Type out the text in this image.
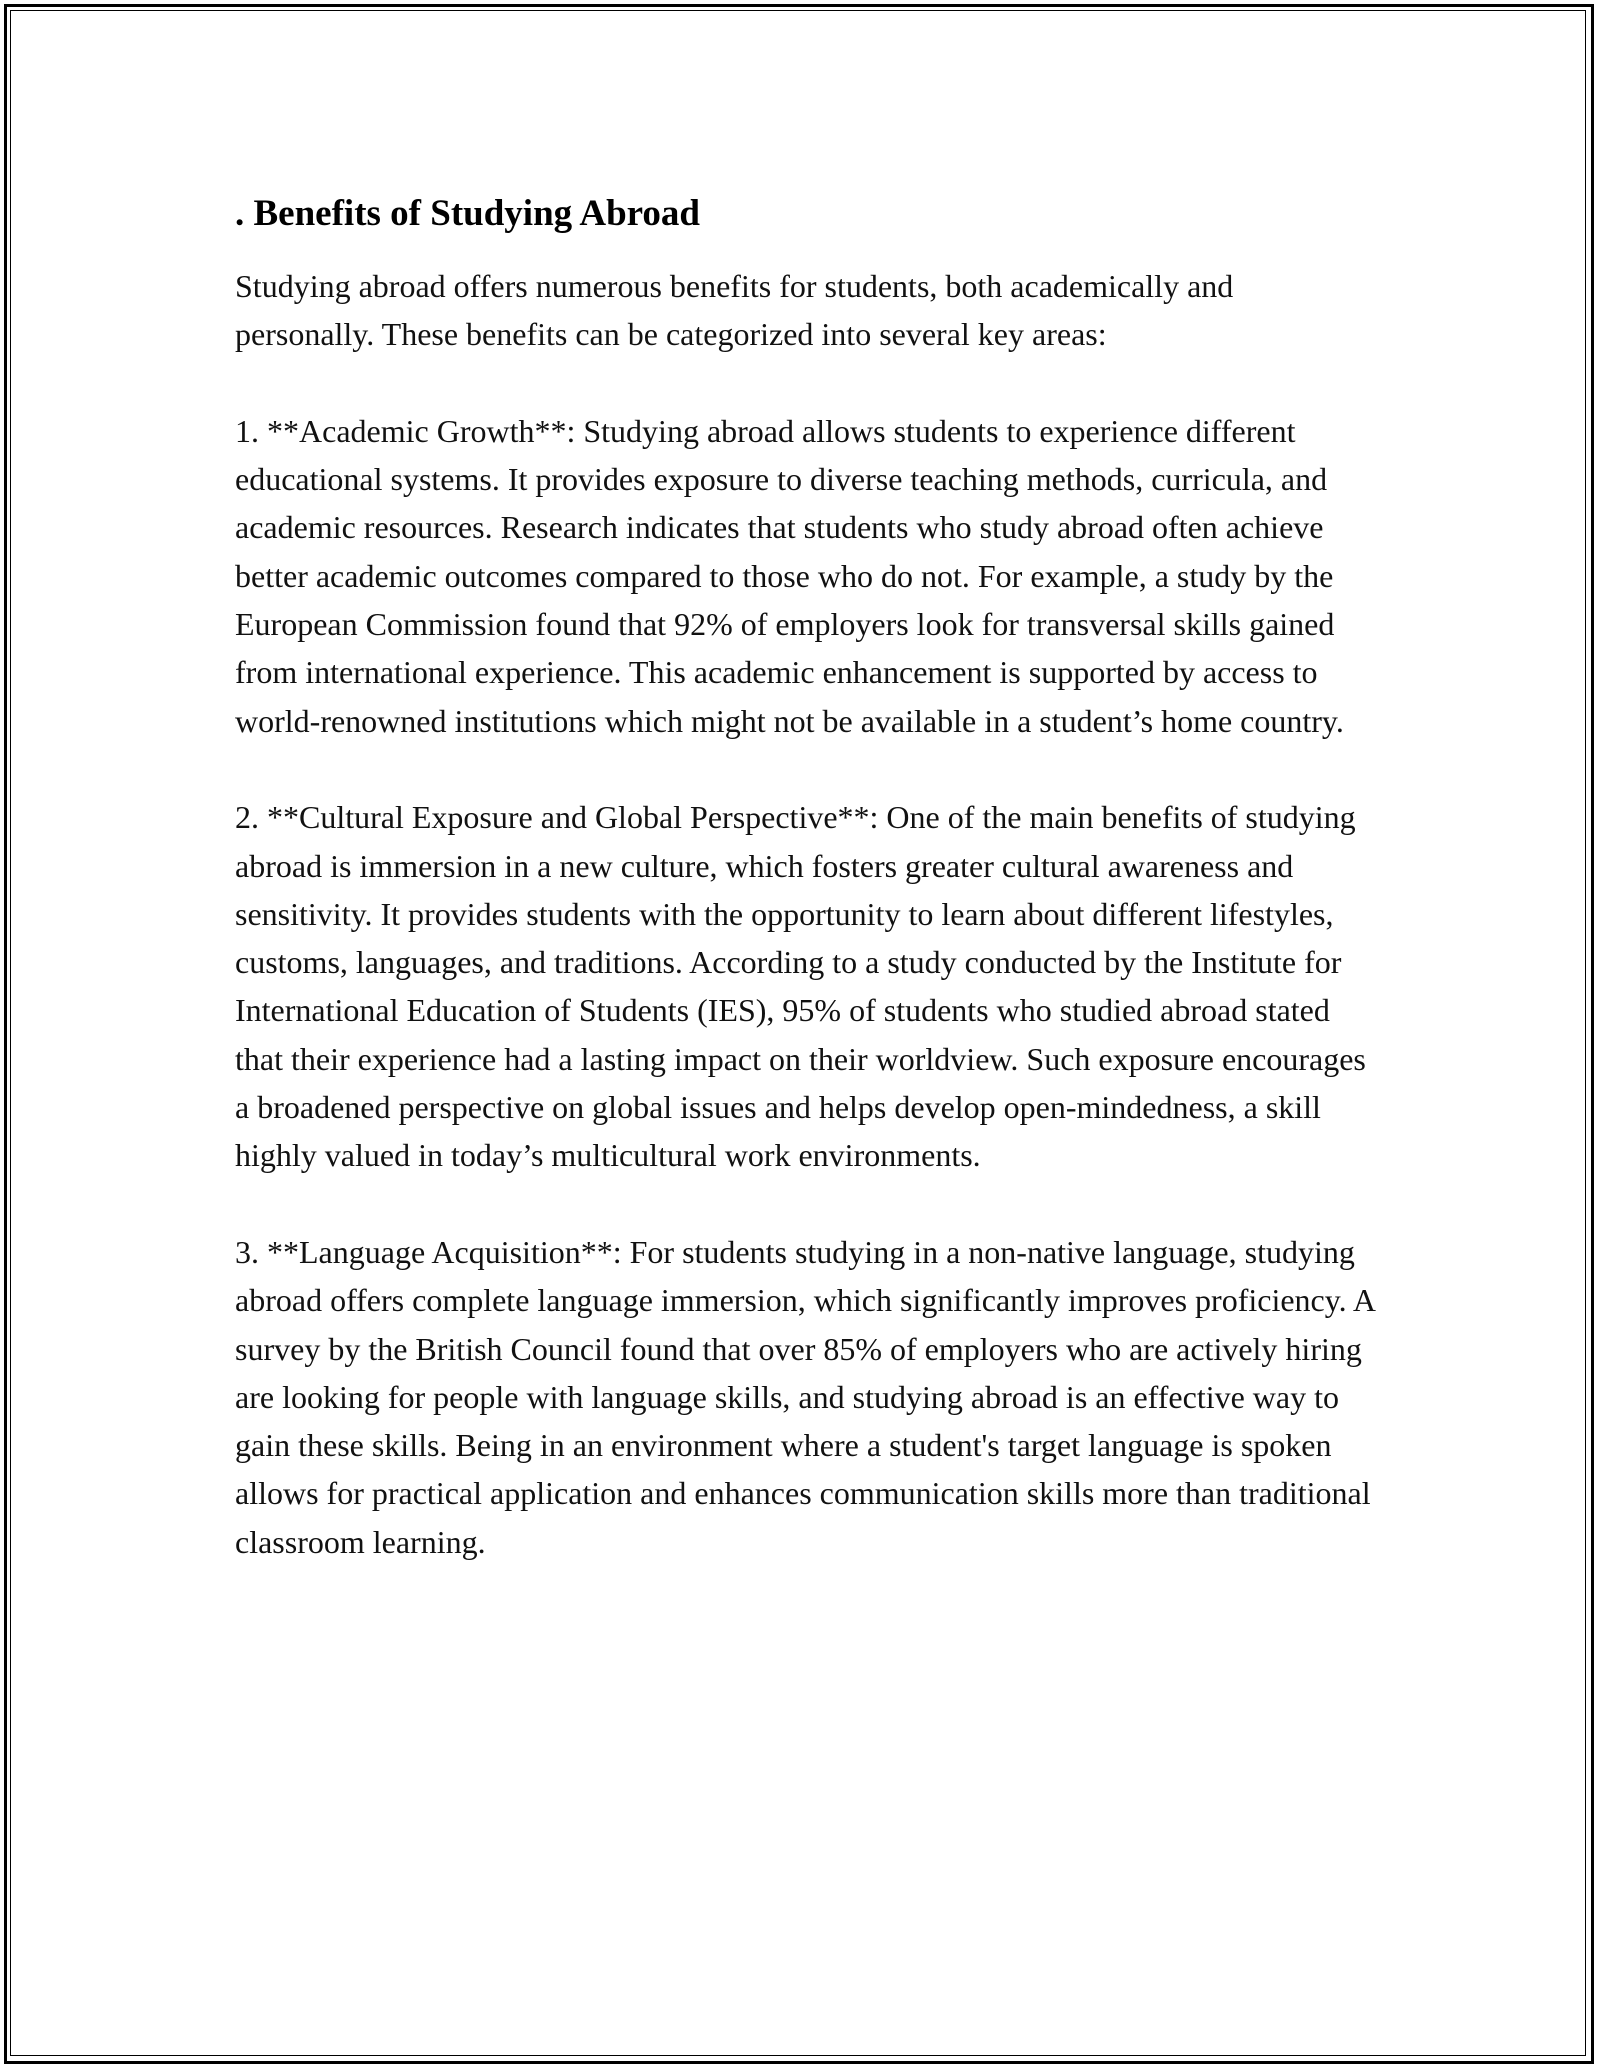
. Benefits of Studying Abroad

Studying abroad offers numerous benefits for students, both academically and personally. These benefits can be categorized into several key areas:

1. **Academic Growth**: Studying abroad allows students to experience different educational systems. It provides exposure to diverse teaching methods, curricula, and academic resources. Research indicates that students who study abroad often achieve better academic outcomes compared to those who do not. For example, a study by the European Commission found that 92% of employers look for transversal skills gained from international experience. This academic enhancement is supported by access to world-renowned institutions which might not be available in a student’s home country.

2. **Cultural Exposure and Global Perspective**: One of the main benefits of studying abroad is immersion in a new culture, which fosters greater cultural awareness and sensitivity. It provides students with the opportunity to learn about different lifestyles, customs, languages, and traditions. According to a study conducted by the Institute for International Education of Students (IES), 95% of students who studied abroad stated that their experience had a lasting impact on their worldview. Such exposure encourages a broadened perspective on global issues and helps develop open-mindedness, a skill highly valued in today’s multicultural work environments.

3. **Language Acquisition**: For students studying in a non-native language, studying abroad offers complete language immersion, which significantly improves proficiency. A survey by the British Council found that over 85% of employers who are actively hiring are looking for people with language skills, and studying abroad is an effective way to gain these skills. Being in an environment where a student's target language is spoken allows for practical application and enhances communication skills more than traditional classroom learning.
